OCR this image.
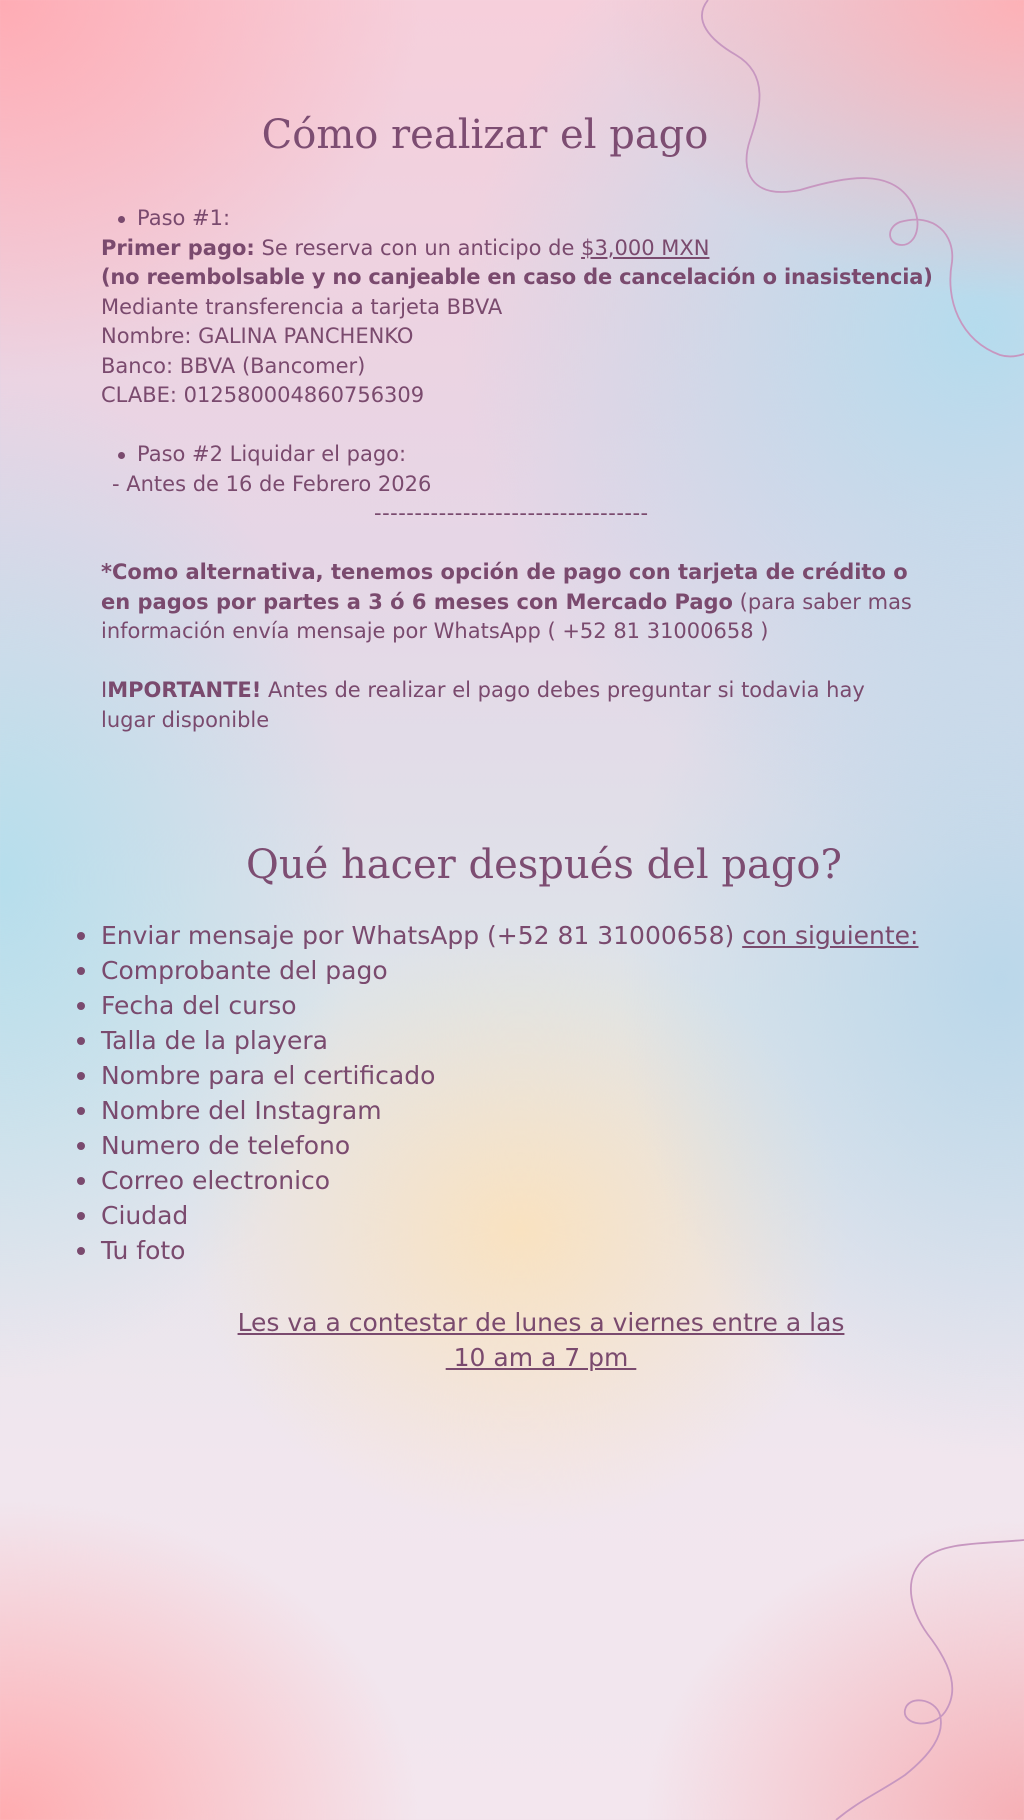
Cómo realizar el pago

Paso #1:

Primer pago: Se reserva con un anticipo de $3,000 MXN

(no reembolsable y no canjeable en caso de cancelación o inasistencia)

Mediante transferencia a tarjeta BBVA

Nombre: GALINA PANCHENKO

Banco: BBVA (Bancomer)

CLABE: 012580004860756309

Paso #2 Liquidar el pago:

- Antes de 16 de Febrero 2026

----------------------------------

*Como alternativa, tenemos opción de pago con tarjeta de crédito o en pagos por partes a 3 ó 6 meses con Mercado Pago (para saber mas información envía mensaje por WhatsApp ( +52 81 31000658 )

IMPORTANTE! Antes de realizar el pago debes preguntar si todavia hay lugar disponible

Qué hacer después del pago?
Enviar mensaje por WhatsApp (+52 81 31000658) con siguiente:
Comprobante del pago
Fecha del curso
Talla de la playera
Nombre para el certificado
Nombre del Instagram
Numero de telefono
Correo electronico
Ciudad
Tu foto
Les va a contestar de lunes a viernes entre a las
10 am a 7 pm
